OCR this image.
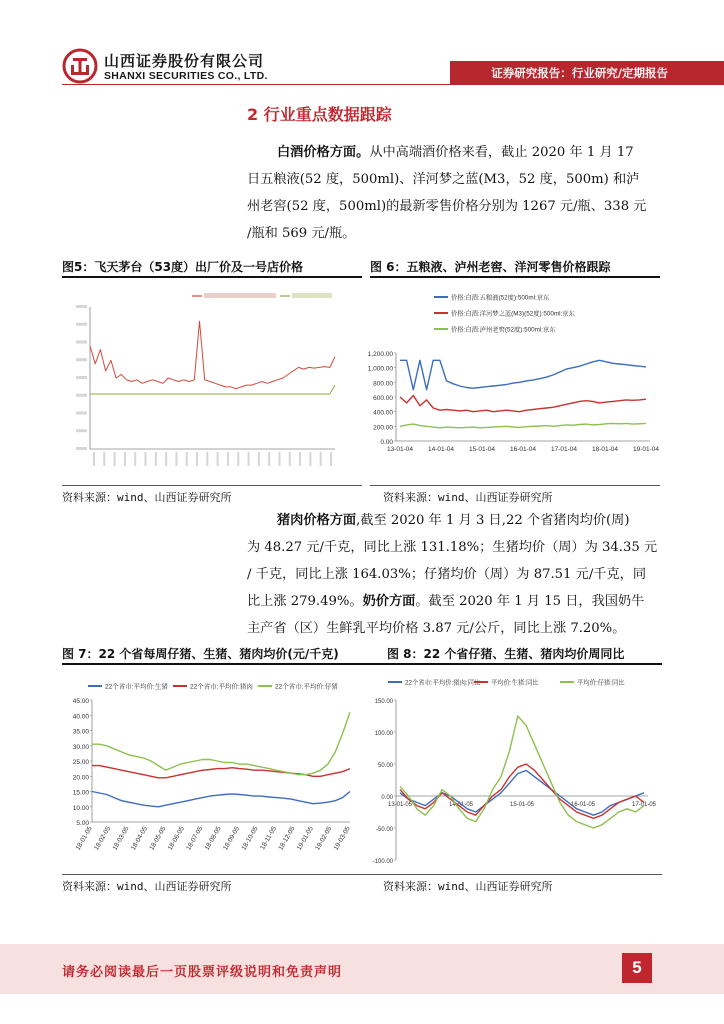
山西证券股份有限公司
SHANXI SECURITIES CO., LTD.	证券研究报告：行业研究/定期报告
2 行业重点数据跟踪
白酒价格方面。从中高端酒价格来看，截止 2020 年 1 月 17
日五粮液(52 度，500ml)、洋河梦之蓝(M3，52 度，500m) 和泸
州老窖(52 度，500ml)的最新零售价格分别为 1267 元/瓶、338 元
/瓶和 569 元/瓶。
图5：飞天茅台（53度）出厂价及一号店价格	图 6：五粮液、泸州老窖、洋河零售价格跟踪
价格:白酒:五粮液(52度):500ml:京东
价格:白酒:洋河梦之蓝(M3)(52度):500ml:京东
价格:白酒:泸州老窖(52度):500ml:京东
0.00
200.00
400.00
600.00
800.00
1,000.00
1,200.00
13-01-04 14-01-04 15-01-04 16-01-04 17-01-04 18-01-04 19-01-04
资料来源：wind、山西证券研究所	资料来源：wind、山西证券研究所
猪肉价格方面,截至 2020 年 1 月 3 日,22 个省猪肉均价(周)
为 48.27 元/千克，同比上涨 131.18%；生猪均价（周）为 34.35 元
/ 千克，同比上涨 164.03%；仔猪均价（周）为 87.51 元/千克，同
比上涨 279.49%。奶价方面。截至 2020 年 1 月 15 日，我国奶牛
主产省（区）生鲜乳平均价格 3.87 元/公斤，同比上涨 7.20%。
图 7：22 个省每周仔猪、生猪、猪肉均价(元/千克)	图 8：22 个省仔猪、生猪、猪肉均价周同比
22个省市:平均价:生猪	22个省市:平均价:猪肉	22个省市:平均价:仔猪
5.00
10.00
15.00
20.00
25.00
30.00
35.00
40.00
45.00
18-01-05 18-02-05 18-03-05 18-04-05 18-05-05 18-06-05 18-07-05 18-08-05 18-09-05 18-10-05 18-11-05 18-12-05 19-01-05 19-02-05 19-03-05
22个省市:平均价:猪肉:同比 平均价:生猪:同比	平均价:仔猪:同比
-100.00
-50.00
0.00
50.00
100.00
150.00
13-01-05	14-01-05	15-01-05	16-01-05	17-01-05
资料来源：wind、山西证券研究所	资料来源：wind、山西证券研究所
请务必阅读最后一页股票评级说明和免责声明	5
